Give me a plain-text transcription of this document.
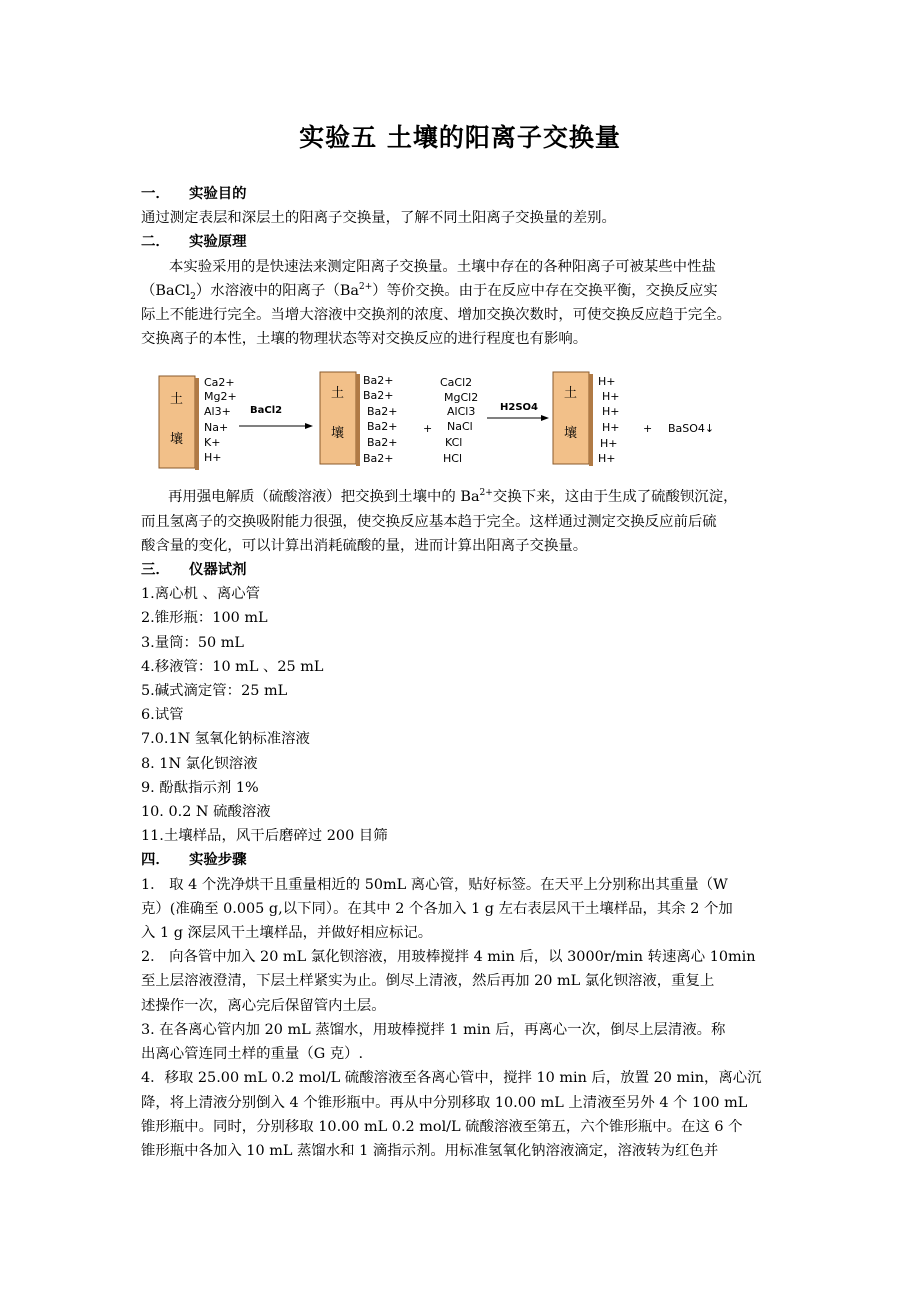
实验五 土壤的阳离子交换量
一． 实验目的
通过测定表层和深层土的阳离子交换量，了解不同土阳离子交换量的差别。
二． 实验原理
本实验采用的是快速法来测定阳离子交换量。土壤中存在的各种阳离子可被某些中性盐
（BaCl$_2$）水溶液中的阳离子$(Ba^{2+})$等价交换。由于在反应中存在交换平衡，交换反应实
际上不能进行完全。当增大溶液中交换剂的浓度、增加交换次数时，可使交换反应趋于完全。
交换离子的本性，土壤的物理状态等对交换反应的进行程度也有影响。
再用强电解质（硫酸溶液）把交换到土壤中的 $Ba^{2+}$交换下来，这由于生成了硫酸钡沉淀，
而且氢离子的交换吸附能力很强，使交换反应基本趋于完全。这样通过测定交换反应前后硫
酸含量的变化，可以计算出消耗硫酸的量，进而计算出阳离子交换量。
三． 仪器试剂
1.离心机 、离心管
2.锥形瓶：100 mL
3.量筒：50 mL
4.移液管：10 mL 、25 mL
5.碱式滴定管：25 mL
6.试管
7.0.1N 氢氧化钠标准溶液
8. 1N 氯化钡溶液
9. 酚酞指示剂 1%
10. 0.2 N 硫酸溶液
11.土壤样品，风干后磨碎过 200 目筛
四． 实验步骤
1． 取 4 个洗净烘干且重量相近的 50mL 离心管，贴好标签。在天平上分别称出其重量（W
克）(准确至 0.005 g,以下同）。在其中 2 个各加入 1 g 左右表层风干土壤样品，其余 2 个加
入 1 g 深层风干土壤样品，并做好相应标记。
2． 向各管中加入 20 mL 氯化钡溶液，用玻棒搅拌 4 min 后，以 3000r/min 转速离心 10min
至上层溶液澄清，下层土样紧实为止。倒尽上清液，然后再加 20 mL 氯化钡溶液，重复上
述操作一次，离心完后保留管内土层。
3. 在各离心管内加 20 mL 蒸馏水，用玻棒搅拌 1 min 后，再离心一次，倒尽上层清液。称
出离心管连同土样的重量（G 克）.
4．移取 25.00 mL 0.2 mol/L 硫酸溶液至各离心管中，搅拌 10 min 后，放置 20 min，离心沉
降，将上清液分别倒入 4 个锥形瓶中。再从中分别移取 10.00 mL 上清液至另外 4 个 100 mL
锥形瓶中。同时，分别移取 10.00 mL 0.2 mol/L 硫酸溶液至第五，六个锥形瓶中。在这 6 个
锥形瓶中各加入 10 mL 蒸馏水和 1 滴指示剂。用标准氢氧化钠溶液滴定，溶液转为红色并
土
壤
Ca2+
Mg2+
Al3+
Na+
K+
H+
BaCl2
土
壤
Ba2+
Ba2+
Ba2+
Ba2+
Ba2+
Ba2+
+
CaCl2
MgCl2
AlCl3
NaCl
KCl
HCl
H2SO4
土
壤
H+
H+
H+
H+
H+
H+
+ BaSO4↓
